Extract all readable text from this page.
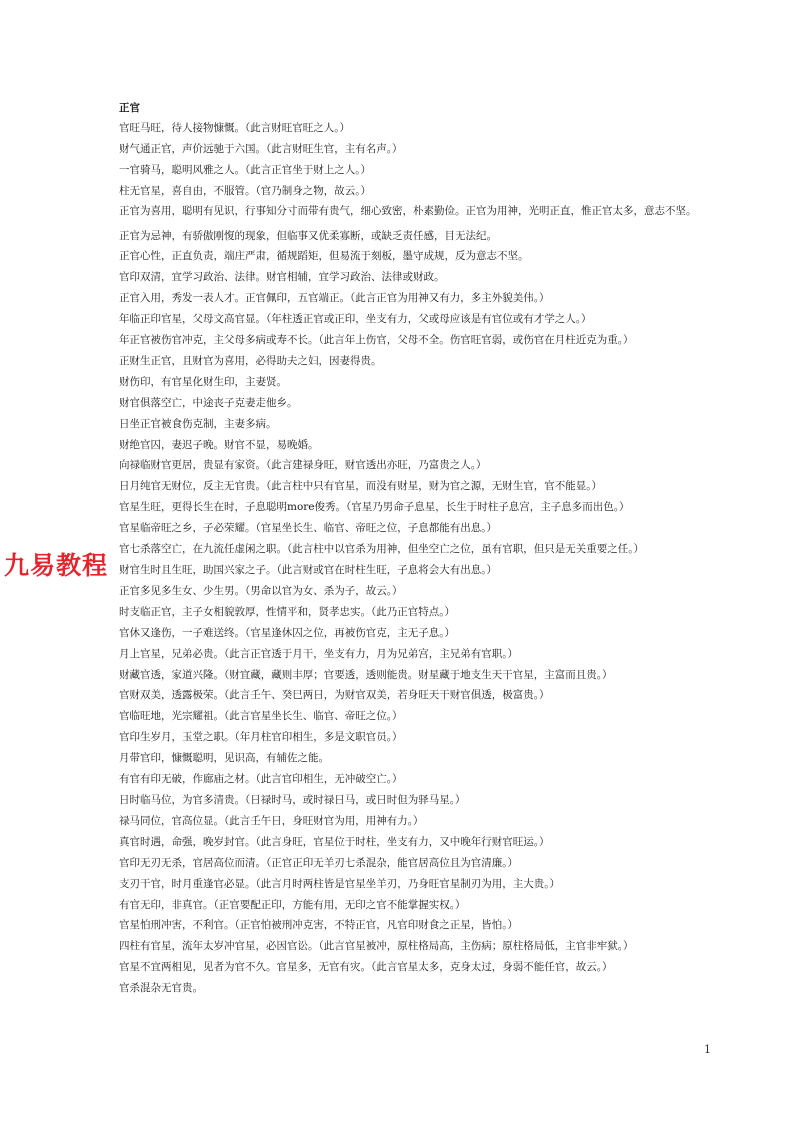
正官
官旺马旺，待人接物慷慨。（此言财旺官旺之人。）
财气通正官，声价远驰于六国。（此言财旺生官，主有名声。）
一官骑马，聪明风雅之人。（此言正官坐于财上之人。）
柱无官星，喜自由，不服管。（官乃制身之物，故云。）
正官为喜用，聪明有见识，行事知分寸而带有贵气，细心致密，朴素勤俭。正官为用神，光明正直，惟正官太多，意志不坚。
正官为忌神，有骄傲刚愎的现象，但临事又优柔寡断，或缺乏责任感，目无法纪。
正官心性，正直负责，端庄严肃，循规蹈矩，但易流于刻板，墨守成规，反为意志不坚。
官印双清，宜学习政治、法律。财官相辅，宜学习政治、法律或财政。
正官入用，秀发一表人才。正官佩印，五官端正。（此言正官为用神又有力，多主外貌美伟。）
年临正印官星，父母文高官显。（年柱透正官或正印，坐支有力，父或母应该是有官位或有才学之人。）
年正官被伤官冲克，主父母多病或寿不长。（此言年上伤官，父母不全。伤官旺官弱，或伤官在月柱近克为重。）
正财生正官，且财官为喜用，必得助夫之妇，因妻得贵。
财伤印，有官星化财生印，主妻贤。
财官俱落空亡，中途丧子克妻走他乡。
日坐正官被食伤克制，主妻多病。
财绝官囚，妻迟子晚。财官不显，易晚婚。
向禄临财官更居，贵显有家资。（此言建禄身旺，财官透出亦旺，乃富贵之人。）
日月纯官无财位，反主无官贵。（此言柱中只有官星，而没有财星，财为官之源，无财生官，官不能显。）
官星生旺，更得长生在时，子息聪明more俊秀。（官星乃男命子息星，长生于时柱子息宫，主子息多而出色。）
官星临帝旺之乡，子必荣耀。（官星坐长生、临官、帝旺之位，子息都能有出息。）
官七杀落空亡，在九流任虚闲之职。（此言柱中以官杀为用神，但坐空亡之位，虽有官职，但只是无关重要之任。）
财官生时且生旺，助国兴家之子。（此言财或官在时柱生旺，子息将会大有出息。）
正官多见多生女、少生男。（男命以官为女、杀为子，故云。）
时支临正官，主子女相貌敦厚，性情平和，贤孝忠实。（此乃正官特点。）
官休又逢伤，一子难送终。（官星逢休囚之位，再被伤官克，主无子息。）
月上官星，兄弟必贵。（此言正官透于月干，坐支有力，月为兄弟宫，主兄弟有官职。）
财藏官透，家道兴隆。（财宜藏，藏则丰厚；官要透，透则能贵。财星藏于地支生天干官星，主富而且贵。）
官财双美，透露极荣。（此言壬午、癸巳两日，为财官双美，若身旺天干财官俱透，极富贵。）
官临旺地，光宗耀祖。（此言官星坐长生、临官、帝旺之位。）
官印生岁月，玉堂之职。（年月柱官印相生，多是文职官员。）
月带官印，慷慨聪明，见识高，有辅佐之能。
有官有印无破，作廊庙之材。（此言官印相生，无冲破空亡。）
日时临马位，为官多清贵。（日禄时马，或时禄日马，或日时但为驿马星。）
禄马同位，官高位显。（此言壬午日，身旺财官为用，用神有力。）
真官时遇，命强，晚岁封官。（此言身旺，官星位于时柱，坐支有力，又中晚年行财官旺运。）
官印无刃无杀，官居高位而清。（正官正印无羊刃七杀混杂，能官居高位且为官清廉。）
支刃干官，时月重逢官必显。（此言月时两柱皆是官星坐羊刃，乃身旺官星制刃为用，主大贵。）
有官无印，非真官。（正官要配正印，方能有用，无印之官不能掌握实权。）
官星怕刑冲害，不利官。（正官怕被刑冲克害，不特正官，凡官印财食之正星，皆怕。）
四柱有官星，流年太岁冲官星，必因官讼。（此言官星被冲，原柱格局高，主伤病；原柱格局低，主官非牢狱。）
官星不宜两相见，见者为官不久。官星多，无官有灾。（此言官星太多，克身太过，身弱不能任官，故云。）
官杀混杂无官贵。
九易教程
1
